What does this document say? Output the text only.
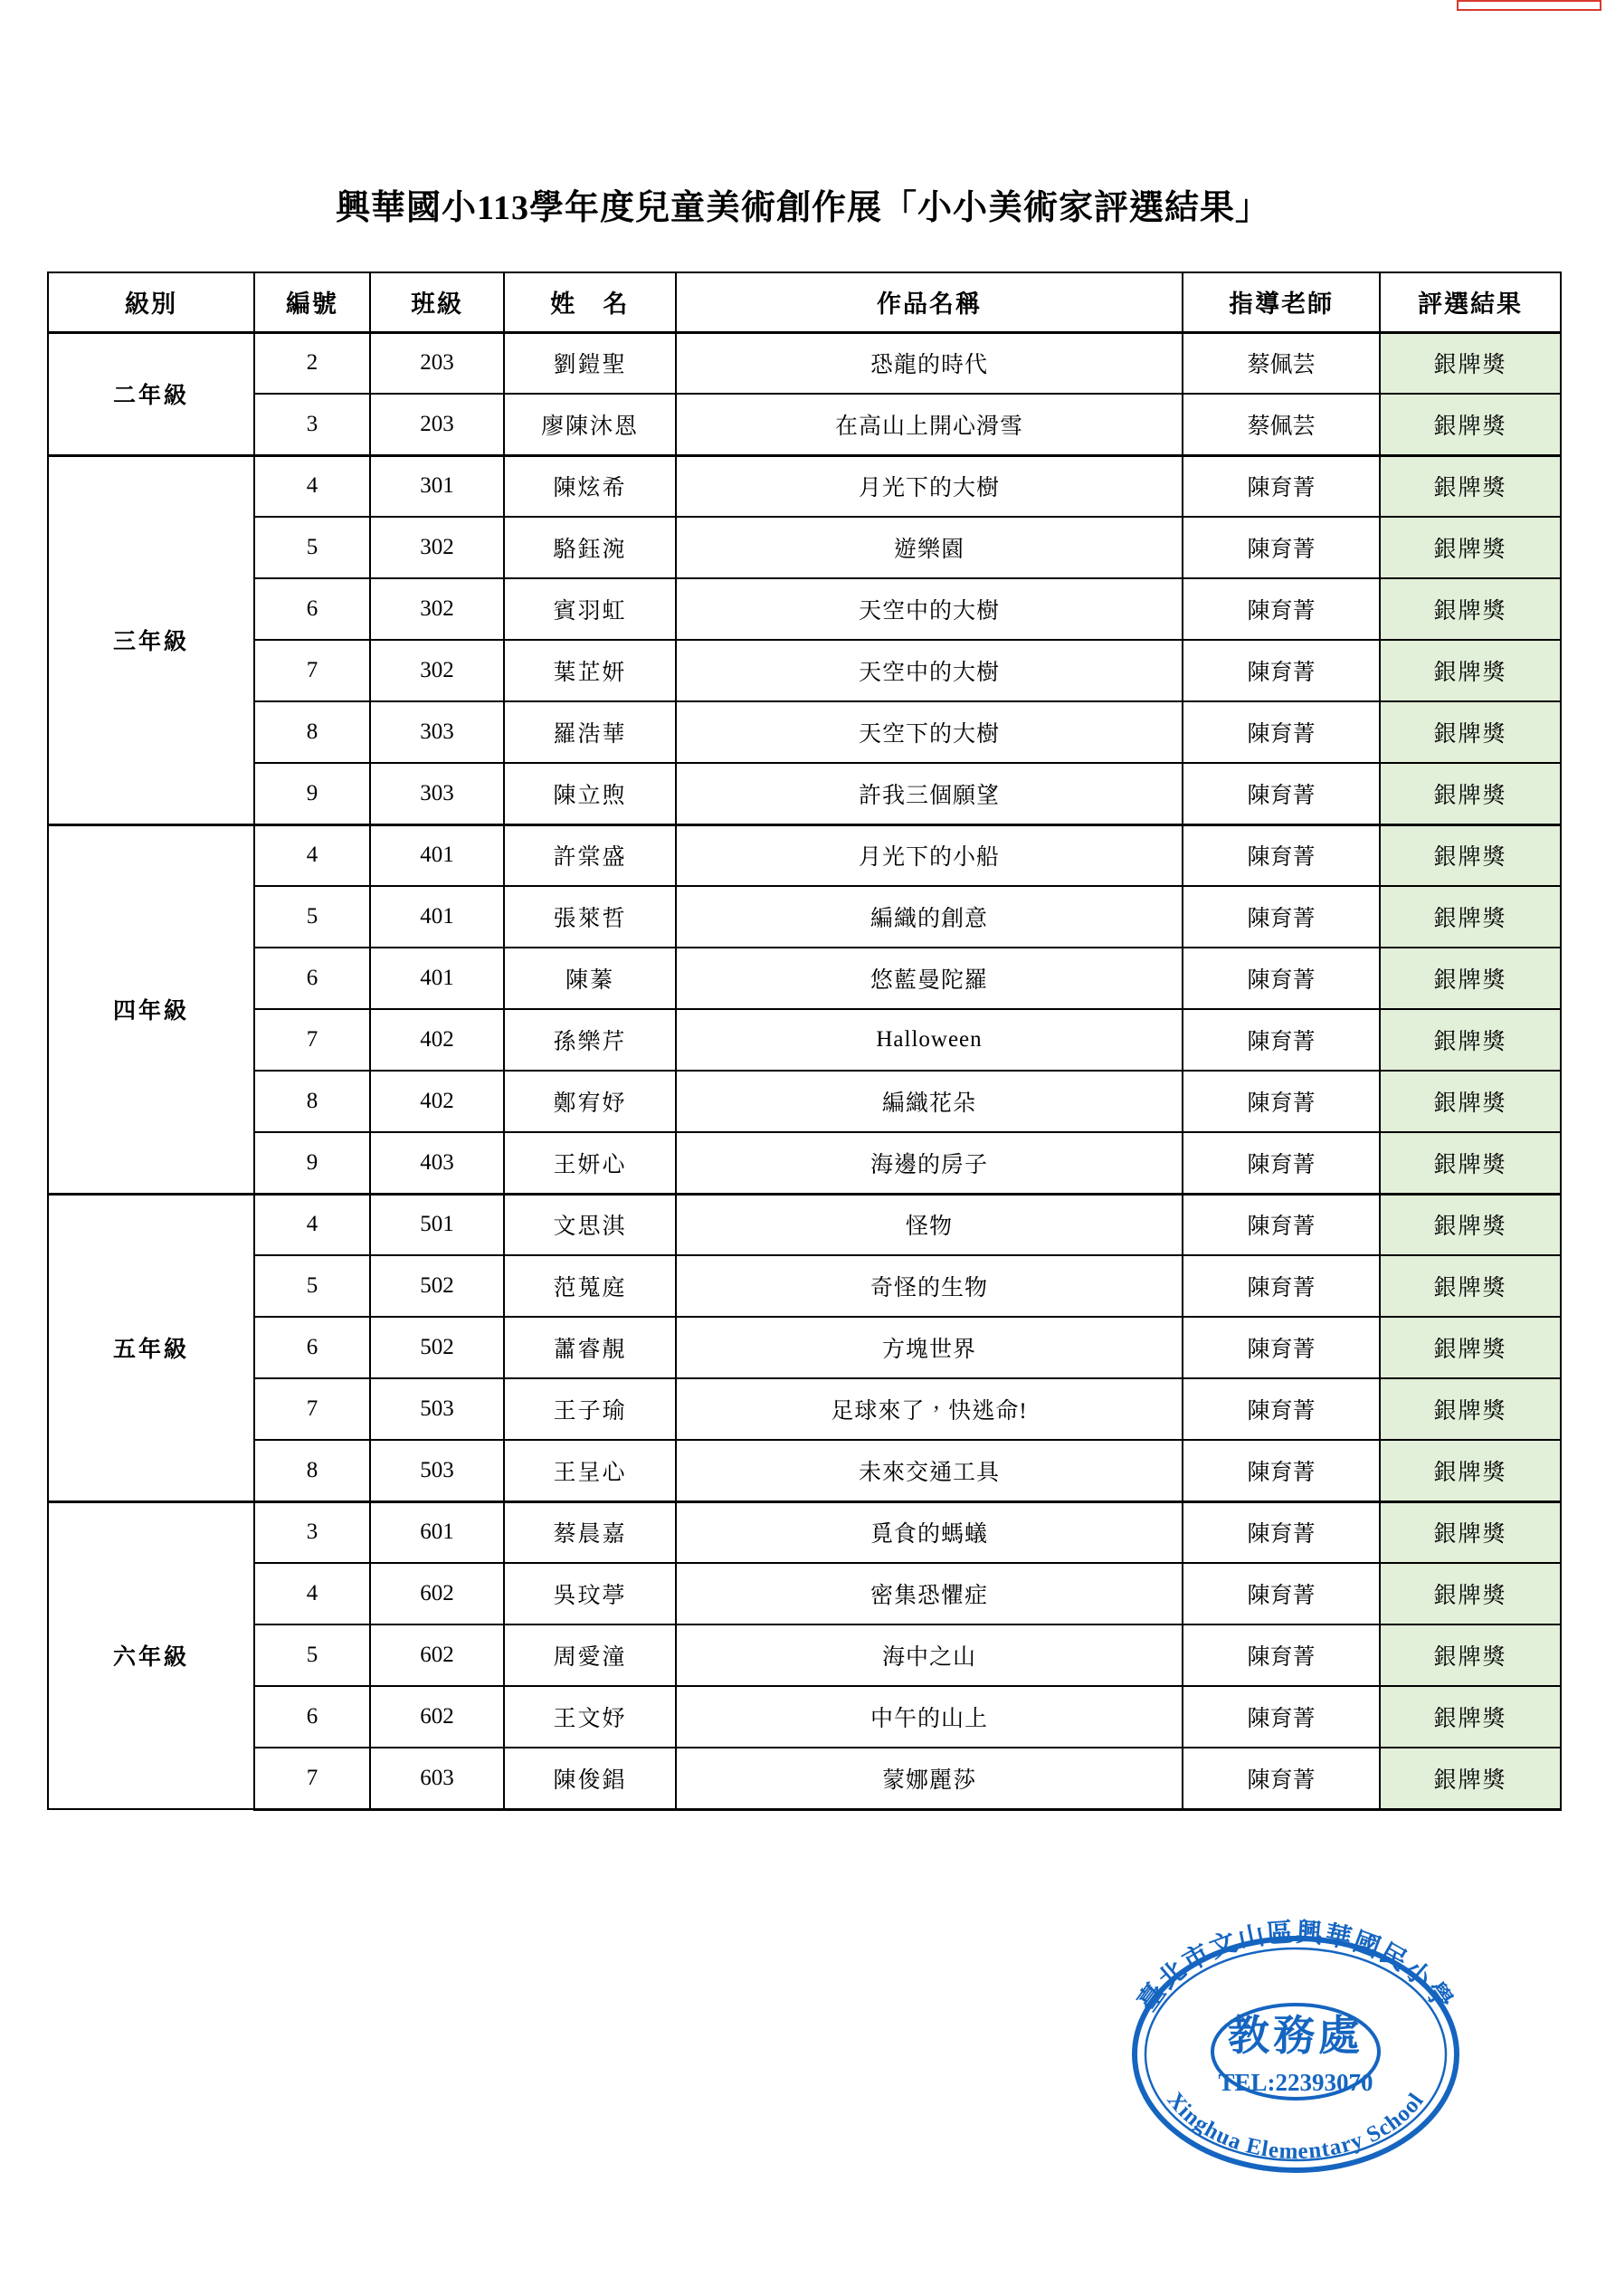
興華國小113學年度兒童美術創作展「小小美術家評選結果」
級別	編號	班級	姓　名	作品名稱	指導老師	評選結果
二年級	2	203	劉鎧聖	恐龍的時代	蔡佩芸	銀牌獎
	3	203	廖陳沐恩	在高山上開心滑雪	蔡佩芸	銀牌獎
三年級	4	301	陳炫希	月光下的大樹	陳育菁	銀牌獎
	5	302	駱鈺涴	遊樂園	陳育菁	銀牌獎
	6	302	賓羽虹	天空中的大樹	陳育菁	銀牌獎
	7	302	葉芷妍	天空中的大樹	陳育菁	銀牌獎
	8	303	羅浩華	天空下的大樹	陳育菁	銀牌獎
	9	303	陳立煦	許我三個願望	陳育菁	銀牌獎
四年級	4	401	許棠盛	月光下的小船	陳育菁	銀牌獎
	5	401	張萊哲	編織的創意	陳育菁	銀牌獎
	6	401	陳蓁	悠藍曼陀羅	陳育菁	銀牌獎
	7	402	孫樂芹	Halloween	陳育菁	銀牌獎
	8	402	鄭宥妤	編織花朵	陳育菁	銀牌獎
	9	403	王妍心	海邊的房子	陳育菁	銀牌獎
五年級	4	501	文思淇	怪物	陳育菁	銀牌獎
	5	502	范蒐庭	奇怪的生物	陳育菁	銀牌獎
	6	502	蕭睿靚	方塊世界	陳育菁	銀牌獎
	7	503	王子瑜	足球來了，快逃命!	陳育菁	銀牌獎
	8	503	王呈心	未來交通工具	陳育菁	銀牌獎
六年級	3	601	蔡晨嘉	覓食的螞蟻	陳育菁	銀牌獎
	4	602	吳玟葶	密集恐懼症	陳育菁	銀牌獎
	5	602	周愛潼	海中之山	陳育菁	銀牌獎
	6	602	王文妤	中午的山上	陳育菁	銀牌獎
	7	603	陳俊錩	蒙娜麗莎	陳育菁	銀牌獎
臺北市文山區興華國民小學
Xinghua Elementary School
教務處
TEL:22393070
